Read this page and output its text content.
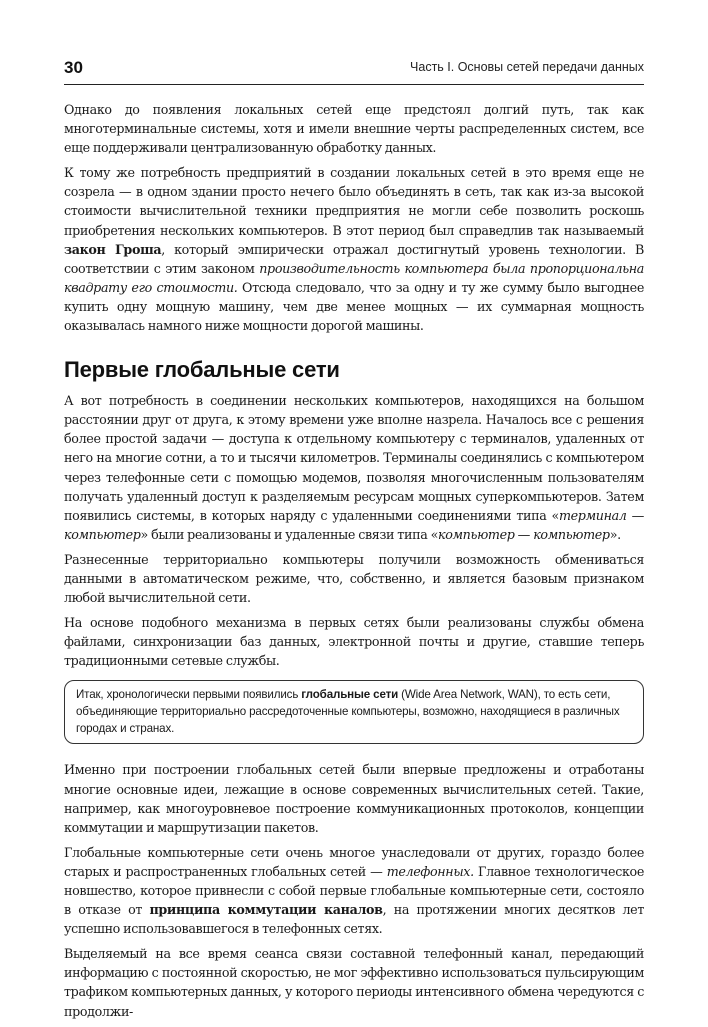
30	Часть I. Основы сетей передачи данных

Однако до появления локальных сетей еще предстоял долгий путь, так как многотерминальные системы, хотя и имели внешние черты распределенных систем, все еще поддерживали централизованную обработку данных.

К тому же потребность предприятий в создании локальных сетей в это время еще не созрела — в одном здании просто нечего было объединять в сеть, так как из-за высокой стоимости вычислительной техники предприятия не могли себе позволить роскошь приобретения нескольких компьютеров. В этот период был справедлив так называемый закон Гроша, который эмпирически отражал достигнутый уровень технологии. В соответствии с этим законом производительность компьютера была пропорциональна квадрату его стоимости. Отсюда следовало, что за одну и ту же сумму было выгоднее купить одну мощную машину, чем две менее мощных — их суммарная мощность оказывалась намного ниже мощности дорогой машины.

Первые глобальные сети

А вот потребность в соединении нескольких компьютеров, находящихся на большом расстоянии друг от друга, к этому времени уже вполне назрела. Началось все с решения более простой задачи — доступа к отдельному компьютеру с терминалов, удаленных от него на многие сотни, а то и тысячи километров. Терминалы соединялись с компьютером через телефонные сети с помощью модемов, позволяя многочисленным пользователям получать удаленный доступ к разделяемым ресурсам мощных суперкомпьютеров. Затем появились системы, в которых наряду с удаленными соединениями типа «терминал — компьютер» были реализованы и удаленные связи типа «компьютер — компьютер».

Разнесенные территориально компьютеры получили возможность обмениваться данными в автоматическом режиме, что, собственно, и является базовым признаком любой вычислительной сети.

На основе подобного механизма в первых сетях были реализованы службы обмена файлами, синхронизации баз данных, электронной почты и другие, ставшие теперь традиционными сетевые службы.

Итак, хронологически первыми появились глобальные сети (Wide Area Network, WAN), то есть сети, объединяющие территориально рассредоточенные компьютеры, возможно, находящиеся в различных городах и странах.

Именно при построении глобальных сетей были впервые предложены и отработаны многие основные идеи, лежащие в основе современных вычислительных сетей. Такие, например, как многоуровневое построение коммуникационных протоколов, концепции коммутации и маршрутизации пакетов.

Глобальные компьютерные сети очень многое унаследовали от других, гораздо более старых и распространенных глобальных сетей — телефонных. Главное технологическое новшество, которое привнесли с собой первые глобальные компьютерные сети, состояло в отказе от принципа коммутации каналов, на протяжении многих десятков лет успешно использовавшегося в телефонных сетях.

Выделяемый на все время сеанса связи составной телефонный канал, передающий информацию с постоянной скоростью, не мог эффективно использоваться пульсирующим трафиком компьютерных данных, у которого периоды интенсивного обмена чередуются с продолжи-
